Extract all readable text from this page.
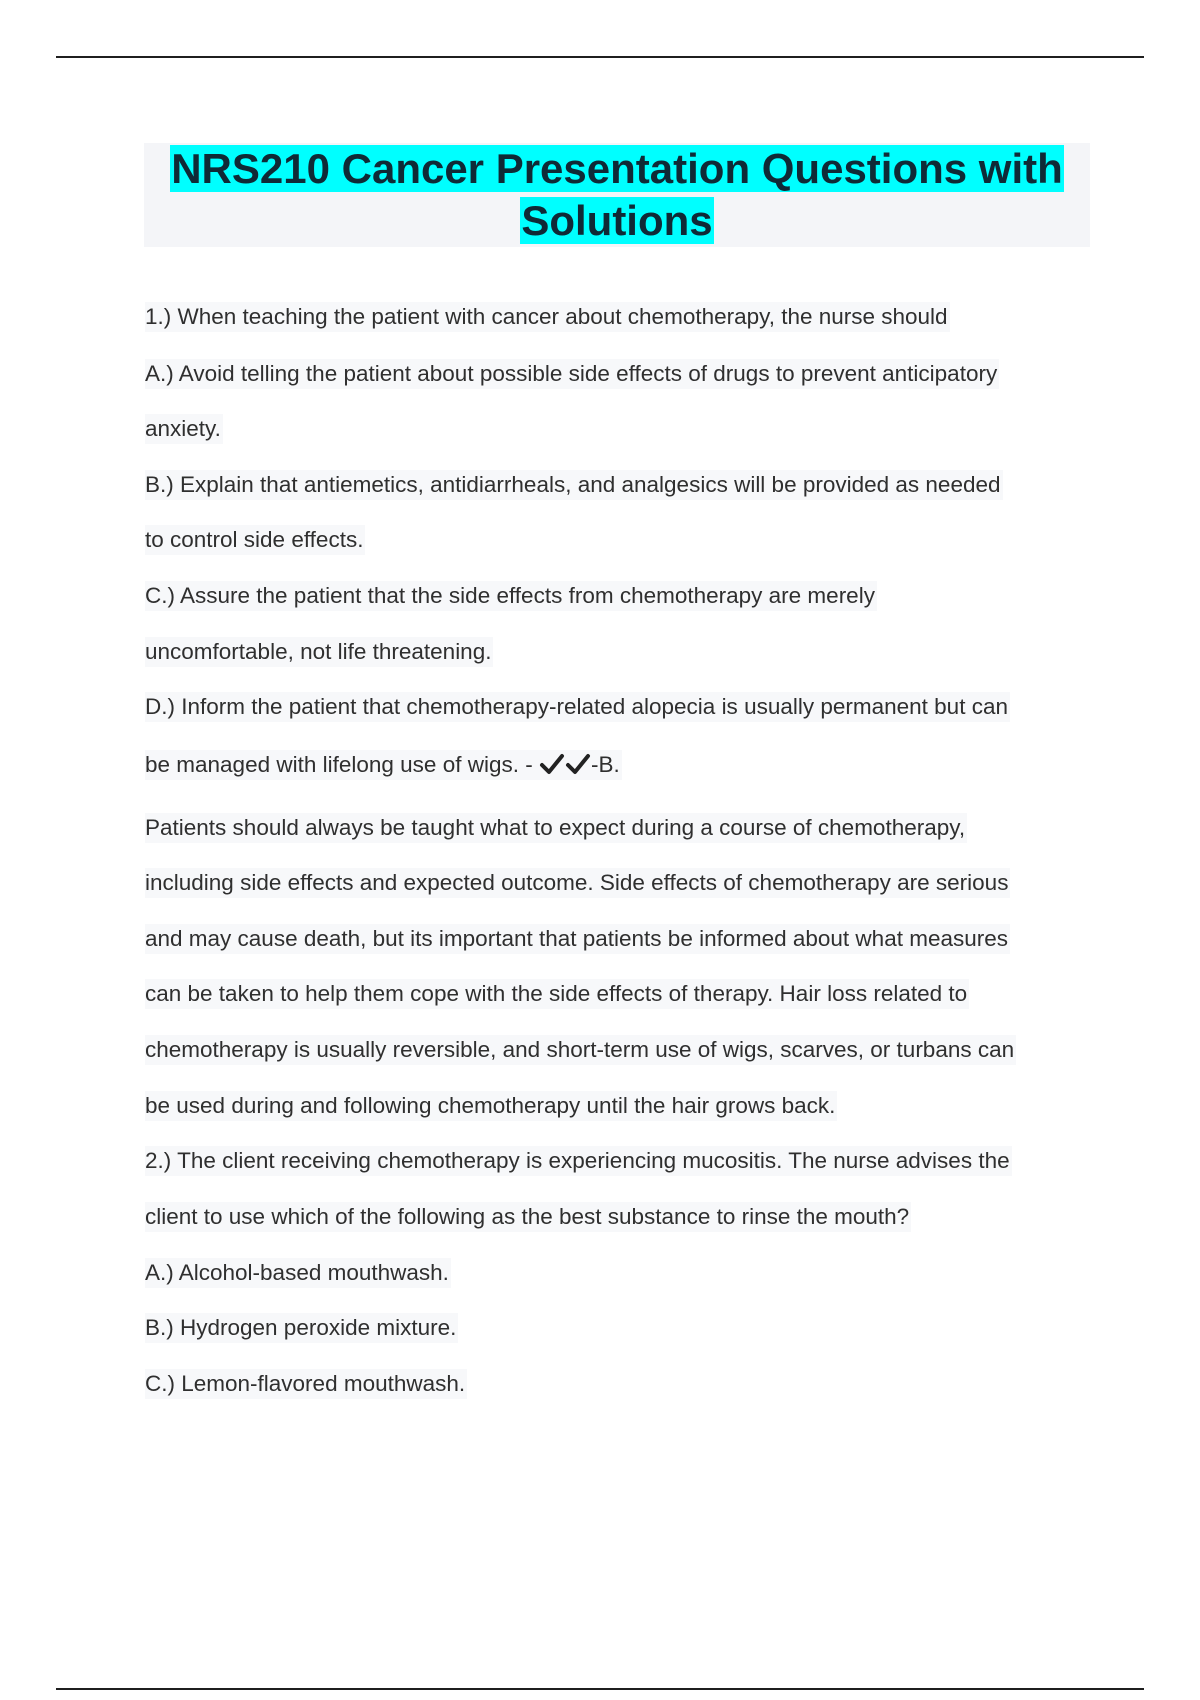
NRS210 Cancer Presentation Questions with
Solutions
1.) When teaching the patient with cancer about chemotherapy, the nurse should
A.) Avoid telling the patient about possible side effects of drugs to prevent anticipatory
anxiety.
B.) Explain that antiemetics, antidiarrheals, and analgesics will be provided as needed
to control side effects.
C.) Assure the patient that the side effects from chemotherapy are merely
uncomfortable, not life threatening.
D.) Inform the patient that chemotherapy-related alopecia is usually permanent but can
be managed with lifelong use of wigs. - -B.
Patients should always be taught what to expect during a course of chemotherapy,
including side effects and expected outcome. Side effects of chemotherapy are serious
and may cause death, but its important that patients be informed about what measures
can be taken to help them cope with the side effects of therapy. Hair loss related to
chemotherapy is usually reversible, and short-term use of wigs, scarves, or turbans can
be used during and following chemotherapy until the hair grows back.
2.) The client receiving chemotherapy is experiencing mucositis. The nurse advises the
client to use which of the following as the best substance to rinse the mouth?
A.) Alcohol-based mouthwash.
B.) Hydrogen peroxide mixture.
C.) Lemon-flavored mouthwash.
